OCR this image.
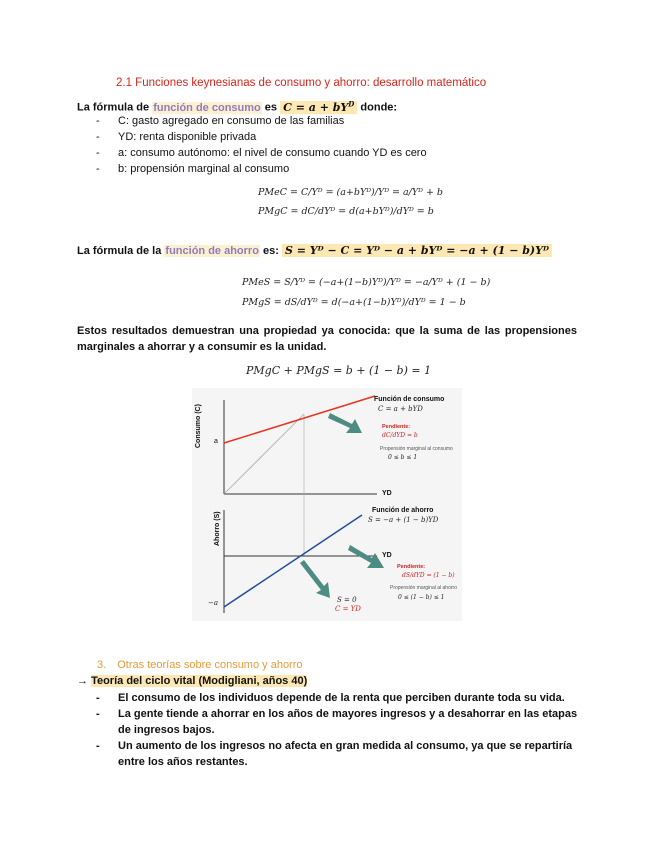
2.1 Funciones keynesianas de consumo y ahorro: desarrollo matemático
La fórmula de función de consumo es $C = a + bY^D$ donde:
- C: gasto agregado en consumo de las familias
- YD: renta disponible privada
- a: consumo autónomo: el nivel de consumo cuando YD es cero
- b: propensión marginal al consumo
PMeC = C/Yᴰ = (a+bYᴰ)/Yᴰ = a/Yᴰ + b
PMgC = dC/dYᴰ = d(a+bYᴰ)/dYᴰ = b
La fórmula de la función de ahorro es: S = Yᴰ − C = Yᴰ − a + bYᴰ = −a + (1 − b)Yᴰ
PMeS = S/Yᴰ = (−a+(1−b)Yᴰ)/Yᴰ = −a/Yᴰ + (1 − b)
PMgS = dS/dYᴰ = d(−a+(1−b)Yᴰ)/dYᴰ = 1 − b
Estos resultados demuestran una propiedad ya conocida: que la suma de las propensiones marginales a ahorrar y a consumir es la unidad.
PMgC + PMgS = b + (1 − b) = 1
Consumo (C) a
YD
Función de consumo
C = a + bYD
Pendiente:
dC/dYD = b
Propensión marginal al consumo
0 ≤ b ≤ 1
Ahorro (S)
−a
YD
Función de ahorro
S = −a + (1 − b)YD
Pendiente:
dS/dYD = (1 − b)
Propensión marginal al ahorro
0 ≤ (1 − b) ≤ 1
S = 0
C = YD
3. Otras teorías sobre consumo y ahorro
→ Teoría del ciclo vital (Modigliani, años 40)
- El consumo de los individuos depende de la renta que perciben durante toda su vida.
- La gente tiende a ahorrar en los años de mayores ingresos y a desahorrar en las etapas de ingresos bajos.
- Un aumento de los ingresos no afecta en gran medida al consumo, ya que se repartiría entre los años restantes.
